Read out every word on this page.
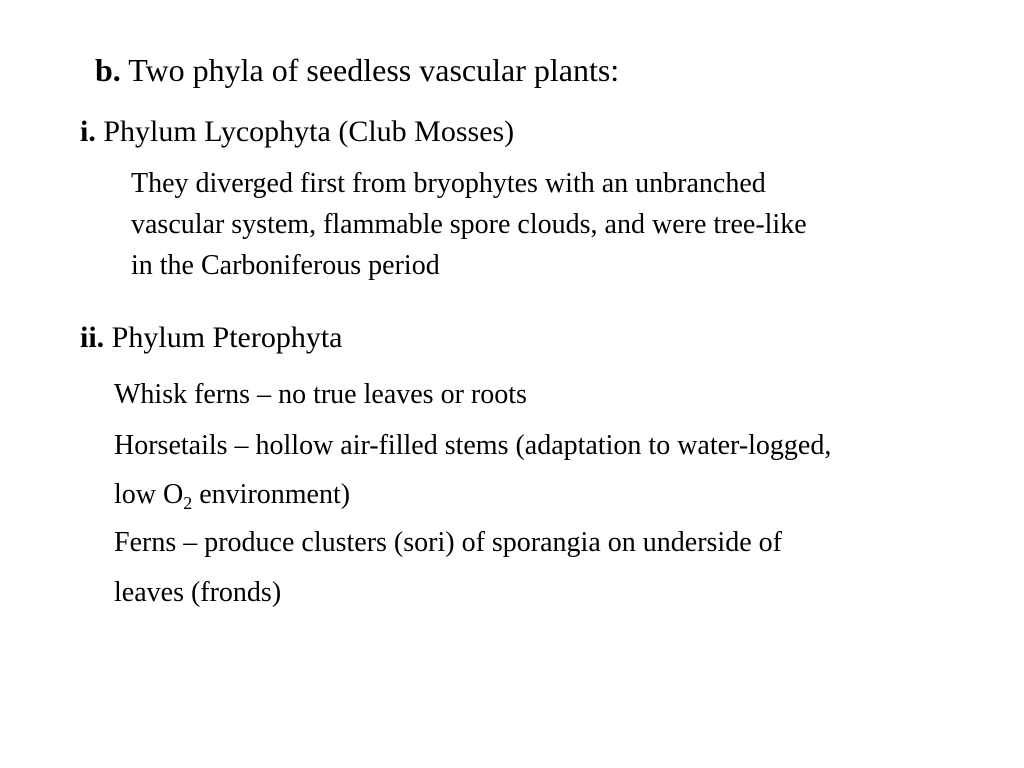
b. Two phyla of seedless vascular plants:
i. Phylum Lycophyta (Club Mosses)
They diverged first from bryophytes with an unbranched
vascular system, flammable spore clouds, and were tree-like
in the Carboniferous period
ii. Phylum Pterophyta
Whisk ferns – no true leaves or roots
Horsetails – hollow air-filled stems (adaptation to water-logged,
low $O_2$ environment)
Ferns – produce clusters (sori) of sporangia on underside of
leaves (fronds)
